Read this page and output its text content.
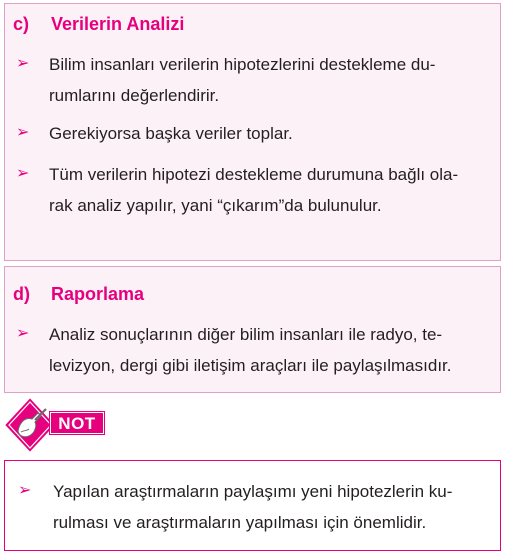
c) Verilerin Analizi
➢ Bilim insanları verilerin hipotezlerini destekleme du-
rumlarını değerlendirir.
➢ Gerekiyorsa başka veriler toplar.
➢ Tüm verilerin hipotezi destekleme durumuna bağlı ola-
rak analiz yapılır, yani “çıkarım”da bulunulur.
d) Raporlama
➢ Analiz sonuçlarının diğer bilim insanları ile radyo, te-
levizyon, dergi gibi iletişim araçları ile paylaşılmasıdır.
NOT
➢ Yapılan araştırmaların paylaşımı yeni hipotezlerin ku-
rulması ve araştırmaların yapılması için önemlidir.
